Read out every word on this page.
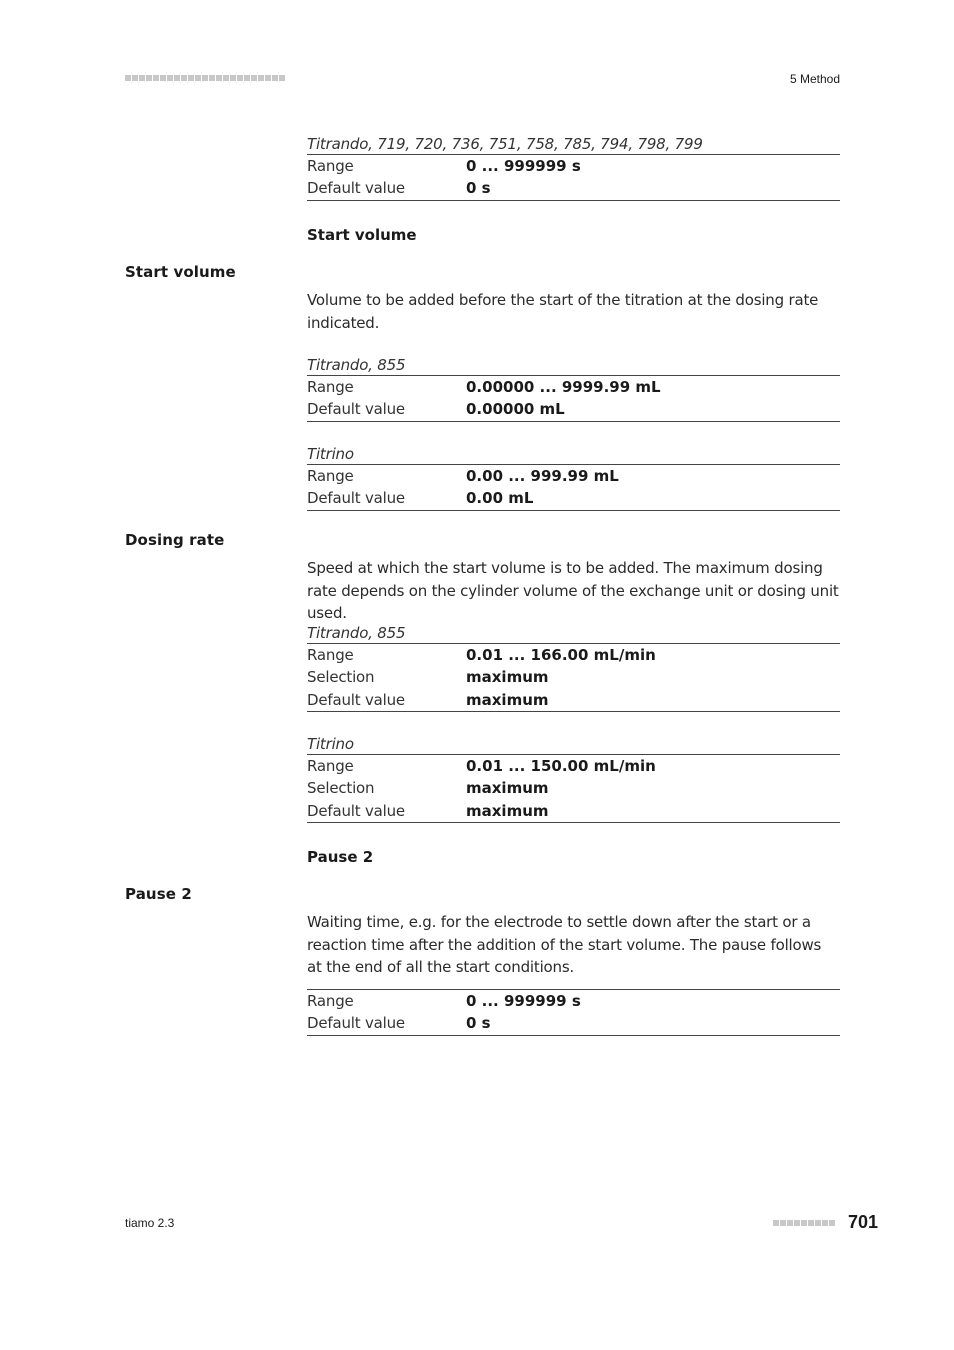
5 Method
Titrando, 719, 720, 736, 751, 758, 785, 794, 798, 799
Range	0 ... 999999 s
Default value	0 s
Start volume
Start volume
Volume to be added before the start of the titration at the dosing rate indicated.
Titrando, 855
Range	0.00000 ... 9999.99 mL
Default value	0.00000 mL
Titrino
Range	0.00 ... 999.99 mL
Default value	0.00 mL
Dosing rate
Speed at which the start volume is to be added. The maximum dosing rate depends on the cylinder volume of the exchange unit or dosing unit used.
Titrando, 855
Range	0.01 ... 166.00 mL/min
Selection	maximum
Default value	maximum
Titrino
Range	0.01 ... 150.00 mL/min
Selection	maximum
Default value	maximum
Pause 2
Pause 2
Waiting time, e.g. for the electrode to settle down after the start or a reaction time after the addition of the start volume. The pause follows at the end of all the start conditions.
Range	0 ... 999999 s
Default value	0 s
tiamo 2.3	701
